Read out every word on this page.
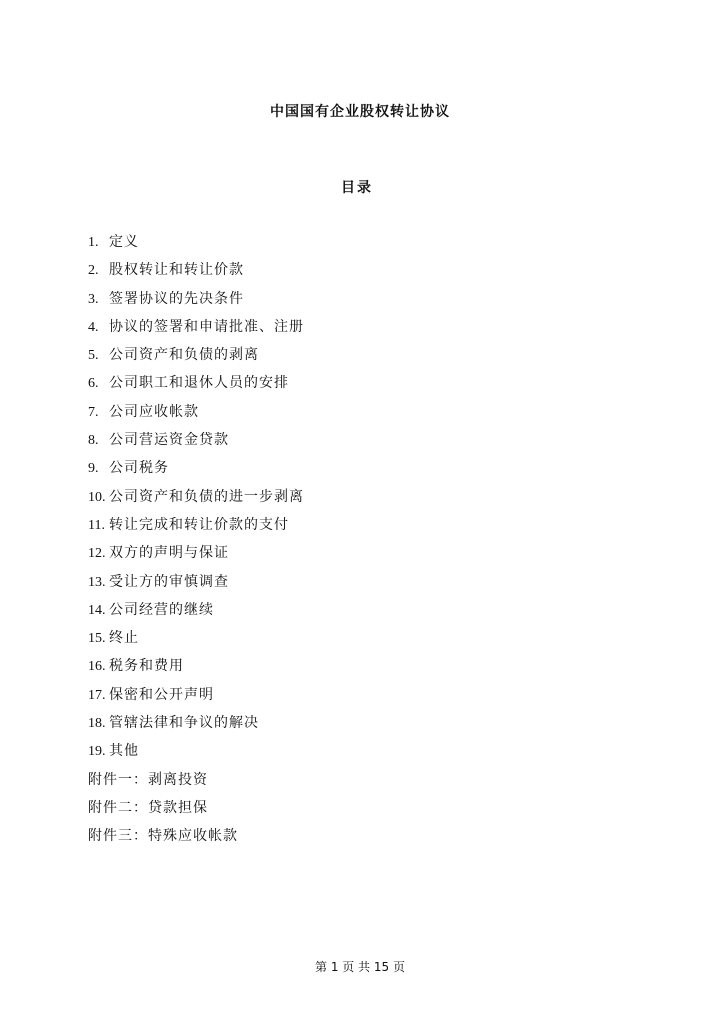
中国国有企业股权转让协议
目录
1. 定义
2. 股权转让和转让价款
3. 签署协议的先决条件
4. 协议的签署和申请批准、注册
5. 公司资产和负债的剥离
6. 公司职工和退休人员的安排
7. 公司应收帐款
8. 公司营运资金贷款
9. 公司税务
10. 公司资产和负债的进一步剥离
11. 转让完成和转让价款的支付
12. 双方的声明与保证
13. 受让方的审慎调查
14. 公司经营的继续
15. 终止
16. 税务和费用
17. 保密和公开声明
18. 管辖法律和争议的解决
19. 其他
附件一：剥离投资
附件二：贷款担保
附件三：特殊应收帐款

第 1 页 共 15 页
